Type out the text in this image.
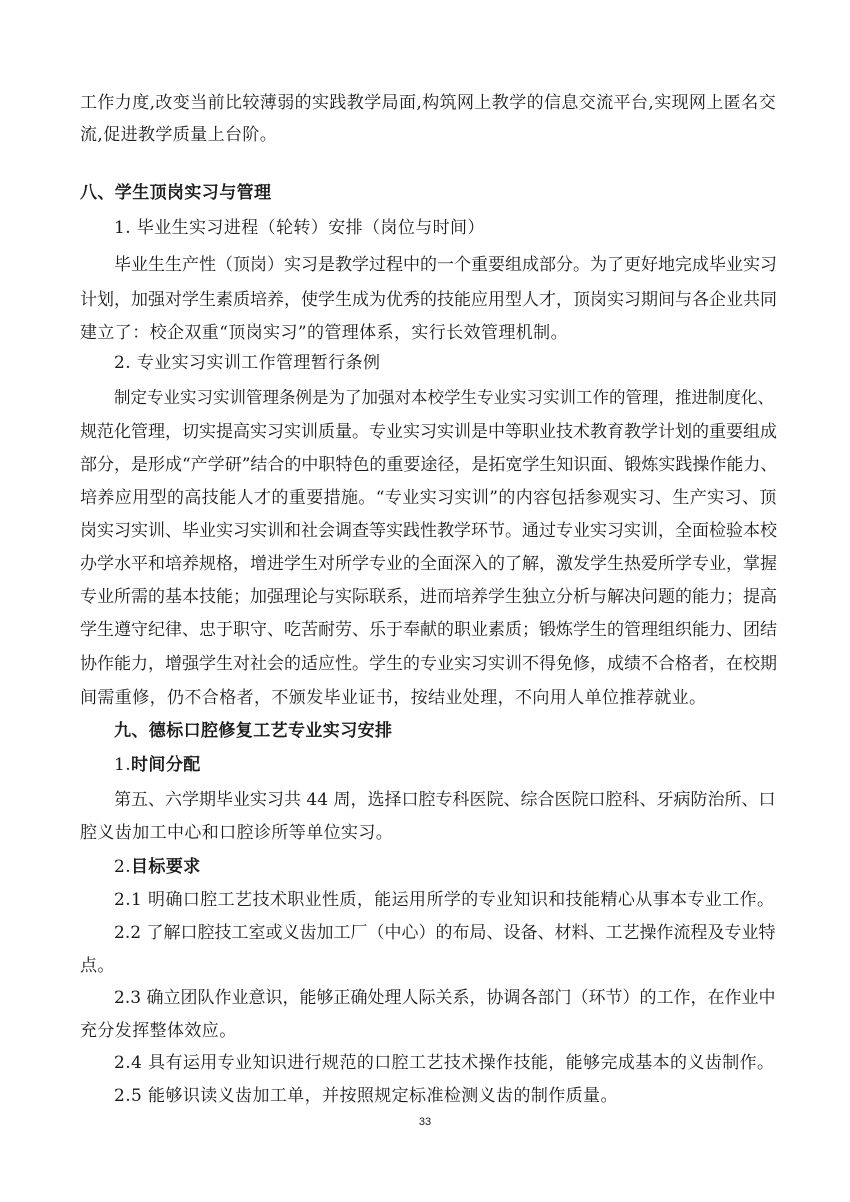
工作力度,改变当前比较薄弱的实践教学局面,构筑网上教学的信息交流平台,实现网上匿名交
流,促进教学质量上台阶。
八、学生顶岗实习与管理
1. 毕业生实习进程（轮转）安排（岗位与时间）
毕业生生产性（顶岗）实习是教学过程中的一个重要组成部分。为了更好地完成毕业实习
计划，加强对学生素质培养，使学生成为优秀的技能应用型人才，顶岗实习期间与各企业共同
建立了：校企双重“顶岗实习”的管理体系，实行长效管理机制。
2. 专业实习实训工作管理暂行条例
制定专业实习实训管理条例是为了加强对本校学生专业实习实训工作的管理，推进制度化、
规范化管理，切实提高实习实训质量。专业实习实训是中等职业技术教育教学计划的重要组成
部分，是形成“产学研”结合的中职特色的重要途径，是拓宽学生知识面、锻炼实践操作能力、
培养应用型的高技能人才的重要措施。“专业实习实训”的内容包括参观实习、生产实习、顶
岗实习实训、毕业实习实训和社会调查等实践性教学环节。通过专业实习实训，全面检验本校
办学水平和培养规格，增进学生对所学专业的全面深入的了解，激发学生热爱所学专业，掌握
专业所需的基本技能；加强理论与实际联系，进而培养学生独立分析与解决问题的能力；提高
学生遵守纪律、忠于职守、吃苦耐劳、乐于奉献的职业素质；锻炼学生的管理组织能力、团结
协作能力，增强学生对社会的适应性。学生的专业实习实训不得免修，成绩不合格者，在校期
间需重修，仍不合格者，不颁发毕业证书，按结业处理，不向用人单位推荐就业。
九、德标口腔修复工艺专业实习安排
1.时间分配
第五、六学期毕业实习共 44 周，选择口腔专科医院、综合医院口腔科、牙病防治所、口
腔义齿加工中心和口腔诊所等单位实习。
2.目标要求
2.1 明确口腔工艺技术职业性质，能运用所学的专业知识和技能精心从事本专业工作。
2.2 了解口腔技工室或义齿加工厂（中心）的布局、设备、材料、工艺操作流程及专业特
点。
2.3 确立团队作业意识，能够正确处理人际关系，协调各部门（环节）的工作，在作业中
充分发挥整体效应。
2.4 具有运用专业知识进行规范的口腔工艺技术操作技能，能够完成基本的义齿制作。
2.5 能够识读义齿加工单，并按照规定标准检测义齿的制作质量。
33
